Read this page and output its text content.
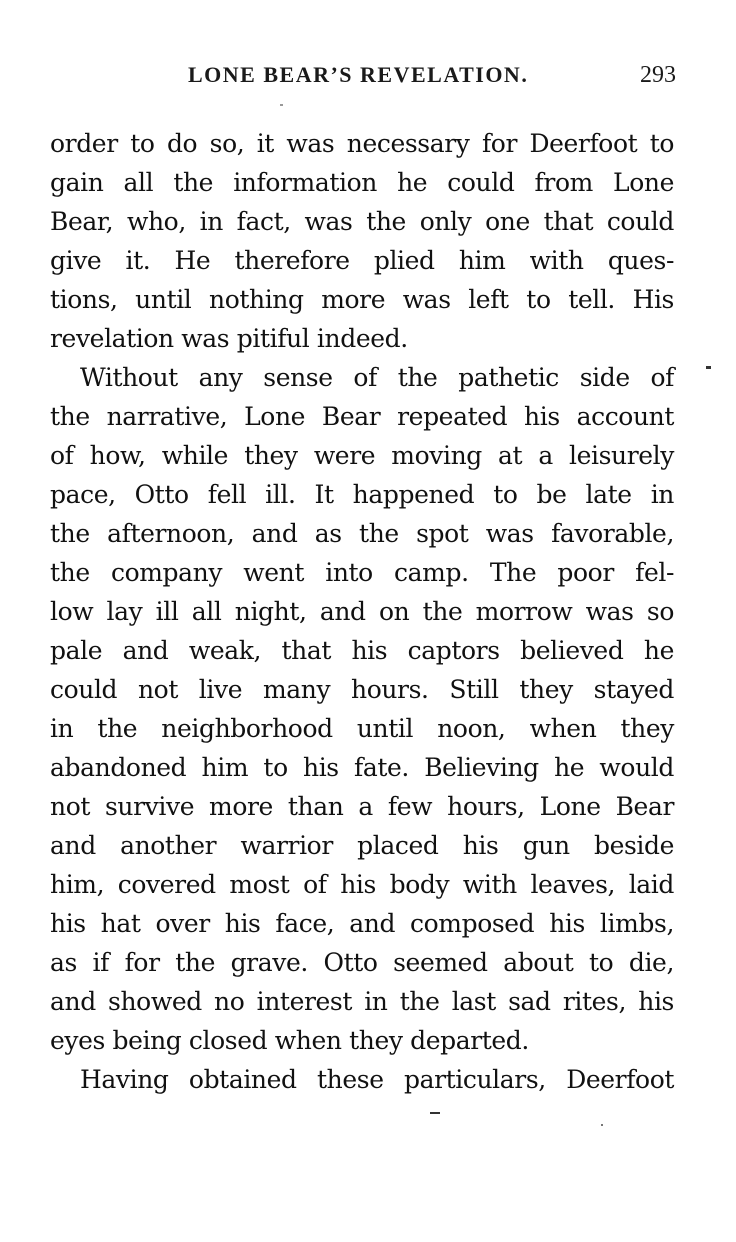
LONE BEAR’S REVELATION.	293
order to do so, it was necessary for Deerfoot to
gain all the information he could from Lone
Bear, who, in fact, was the only one that could
give it. He therefore plied him with ques-
tions, until nothing more was left to tell. His
revelation was pitiful indeed.
Without any sense of the pathetic side of
the narrative, Lone Bear repeated his account
of how, while they were moving at a leisurely
pace, Otto fell ill. It happened to be late in
the afternoon, and as the spot was favorable,
the company went into camp. The poor fel-
low lay ill all night, and on the morrow was so
pale and weak, that his captors believed he
could not live many hours. Still they stayed
in the neighborhood until noon, when they
abandoned him to his fate. Believing he would
not survive more than a few hours, Lone Bear
and another warrior placed his gun beside
him, covered most of his body with leaves, laid
his hat over his face, and composed his limbs,
as if for the grave. Otto seemed about to die,
and showed no interest in the last sad rites, his
eyes being closed when they departed.
Having obtained these particulars, Deerfoot
